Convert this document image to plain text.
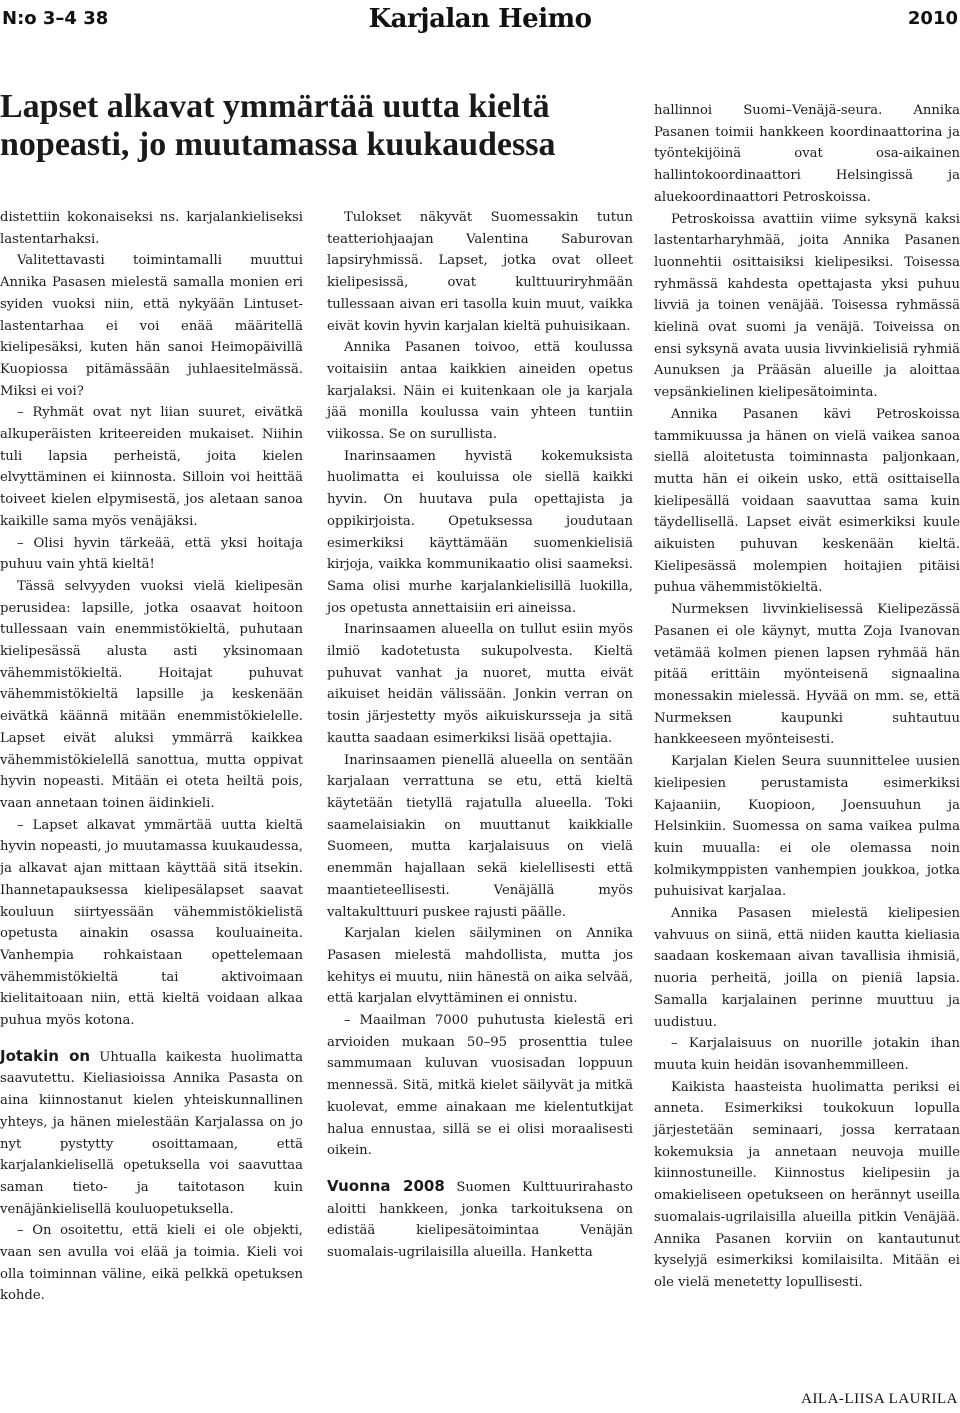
N:o 3–4 38	Karjalan Heimo	2010
Lapset alkavat ymmärtää uutta kieltä
nopeasti, jo muutamassa kuukaudessa

distettiin kokonaiseksi ns. karjalankieliseksi lastentarhaksi.

Valitettavasti toimintamalli muuttui Annika Pasasen mielestä samalla monien eri syiden vuoksi niin, että nykyään Lintuset-lastentarhaa ei voi enää määritellä kielipesäksi, kuten hän sanoi Heimopäivillä Kuopiossa pitämässään juhlaesitelmässä. Miksi ei voi?

– Ryhmät ovat nyt liian suuret, eivätkä alkuperäisten kriteereiden mukaiset. Niihin tuli lapsia perheistä, joita kielen elvyttäminen ei kiinnosta. Silloin voi heittää toiveet kielen elpymisestä, jos aletaan sanoa kaikille sama myös venäjäksi.

– Olisi hyvin tärkeää, että yksi hoitaja puhuu vain yhtä kieltä!

Tässä selvyyden vuoksi vielä kielipesän perusidea: lapsille, jotka osaavat hoitoon tullessaan vain enemmistökieltä, puhutaan kielipesässä alusta asti yksinomaan vähemmistökieltä. Hoitajat puhuvat vähemmistökieltä lapsille ja keskenään eivätkä käännä mitään enemmistökielelle. Lapset eivät aluksi ymmärrä kaikkea vähemmistökielellä sanottua, mutta oppivat hyvin nopeasti. Mitään ei oteta heiltä pois, vaan annetaan toinen äidinkieli.

– Lapset alkavat ymmärtää uutta kieltä hyvin nopeasti, jo muutamassa kuukaudessa, ja alkavat ajan mittaan käyttää sitä itsekin. Ihannetapauksessa kielipesälapset saavat kouluun siirtyessään vähemmistökielistä opetusta ainakin osassa kouluaineita. Vanhempia rohkaistaan opettelemaan vähemmistökieltä tai aktivoimaan kielitaitoaan niin, että kieltä voidaan alkaa puhua myös kotona.

Jotakin on Uhtualla kaikesta huolimatta saavutettu. Kieliasioissa Annika Pasasta on aina kiinnostanut kielen yhteiskunnallinen yhteys, ja hänen mielestään Karjalassa on jo nyt pystytty osoittamaan, että karjalankielisellä opetuksella voi saavuttaa saman tieto- ja taitotason kuin venäjänkielisellä kouluopetuksella.

– On osoitettu, että kieli ei ole objekti, vaan sen avulla voi elää ja toimia. Kieli voi olla toiminnan väline, eikä pelkkä opetuksen kohde.

Tulokset näkyvät Suomessakin tutun teatteriohjaajan Valentina Saburovan lapsiryhmissä. Lapset, jotka ovat olleet kielipesissä, ovat kulttuuriryhmään tullessaan aivan eri tasolla kuin muut, vaikka eivät kovin hyvin karjalan kieltä puhuisikaan.

Annika Pasanen toivoo, että koulussa voitaisiin antaa kaikkien aineiden opetus karjalaksi. Näin ei kuitenkaan ole ja karjala jää monilla koulussa vain yhteen tuntiin viikossa. Se on surullista.

Inarinsaamen hyvistä kokemuksista huolimatta ei kouluissa ole siellä kaikki hyvin. On huutava pula opettajista ja oppikirjoista. Opetuksessa joudutaan esimerkiksi käyttämään suomenkielisiä kirjoja, vaikka kommunikaatio olisi saameksi. Sama olisi murhe karjalankielisillä luokilla, jos opetusta annettaisiin eri aineissa.

Inarinsaamen alueella on tullut esiin myös ilmiö kadotetusta sukupolvesta. Kieltä puhuvat vanhat ja nuoret, mutta eivät aikuiset heidän välissään. Jonkin verran on tosin järjestetty myös aikuiskursseja ja sitä kautta saadaan esimerkiksi lisää opettajia.

Inarinsaamen pienellä alueella on sentään karjalaan verrattuna se etu, että kieltä käytetään tietyllä rajatulla alueella. Toki saamelaisiakin on muuttanut kaikkialle Suomeen, mutta karjalaisuus on vielä enemmän hajallaan sekä kielellisesti että maantieteellisesti. Venäjällä myös valtakulttuuri puskee rajusti päälle.

Karjalan kielen säilyminen on Annika Pasasen mielestä mahdollista, mutta jos kehitys ei muutu, niin hänestä on aika selvää, että karjalan elvyttäminen ei onnistu.

– Maailman 7000 puhutusta kielestä eri arvioiden mukaan 50–95 prosenttia tulee sammumaan kuluvan vuosisadan loppuun mennessä. Sitä, mitkä kielet säilyvät ja mitkä kuolevat, emme ainakaan me kielentutkijat halua ennustaa, sillä se ei olisi moraalisesti oikein.

Vuonna 2008 Suomen Kulttuurirahasto aloitti hankkeen, jonka tarkoituksena on edistää kielipesätoimintaa Venäjän suomalais-ugrilaisilla alueilla. Hanketta

hallinnoi Suomi–Venäjä-seura. Annika Pasanen toimii hankkeen koordinaattorina ja työntekijöinä ovat osa-aikainen hallintokoordinaattori Helsingissä ja aluekoordinaattori Petroskoissa.

Petroskoissa avattiin viime syksynä kaksi lastentarharyhmää, joita Annika Pasanen luonnehtii osittaisiksi kielipesiksi. Toisessa ryhmässä kahdesta opettajasta yksi puhuu livviä ja toinen venäjää. Toisessa ryhmässä kielinä ovat suomi ja venäjä. Toiveissa on ensi syksynä avata uusia livvinkielisiä ryhmiä Aunuksen ja Prääsän alueille ja aloittaa vepsänkielinen kielipesätoiminta.

Annika Pasanen kävi Petroskoissa tammikuussa ja hänen on vielä vaikea sanoa siellä aloitetusta toiminnasta paljonkaan, mutta hän ei oikein usko, että osittaisella kielipesällä voidaan saavuttaa sama kuin täydellisellä. Lapset eivät esimerkiksi kuule aikuisten puhuvan keskenään kieltä. Kielipesässä molempien hoitajien pitäisi puhua vähemmistökieltä.

Nurmeksen livvinkielisessä Kielipezässä Pasanen ei ole käynyt, mutta Zoja Ivanovan vetämää kolmen pienen lapsen ryhmää hän pitää erittäin myönteisenä signaalina monessakin mielessä. Hyvää on mm. se, että Nurmeksen kaupunki suhtautuu hankkeeseen myönteisesti.

Karjalan Kielen Seura suunnittelee uusien kielipesien perustamista esimerkiksi Kajaaniin, Kuopioon, Joensuuhun ja Helsinkiin. Suomessa on sama vaikea pulma kuin muualla: ei ole olemassa noin kolmikymppisten vanhempien joukkoa, jotka puhuisivat karjalaa.

Annika Pasasen mielestä kielipesien vahvuus on siinä, että niiden kautta kieliasia saadaan koskemaan aivan tavallisia ihmisiä, nuoria perheitä, joilla on pieniä lapsia. Samalla karjalainen perinne muuttuu ja uudistuu.

– Karjalaisuus on nuorille jotakin ihan muuta kuin heidän isovanhemmilleen.

Kaikista haasteista huolimatta periksi ei anneta. Esimerkiksi toukokuun lopulla järjestetään seminaari, jossa kerrataan kokemuksia ja annetaan neuvoja muille kiinnostuneille. Kiinnostus kielipesiin ja omakieliseen opetukseen on herännyt useilla suomalais-ugrilaisilla alueilla pitkin Venäjää. Annika Pasanen korviin on kantautunut kyselyjä esimerkiksi komilaisilta. Mitään ei ole vielä menetetty lopullisesti.

AILA-LIISA LAURILA
